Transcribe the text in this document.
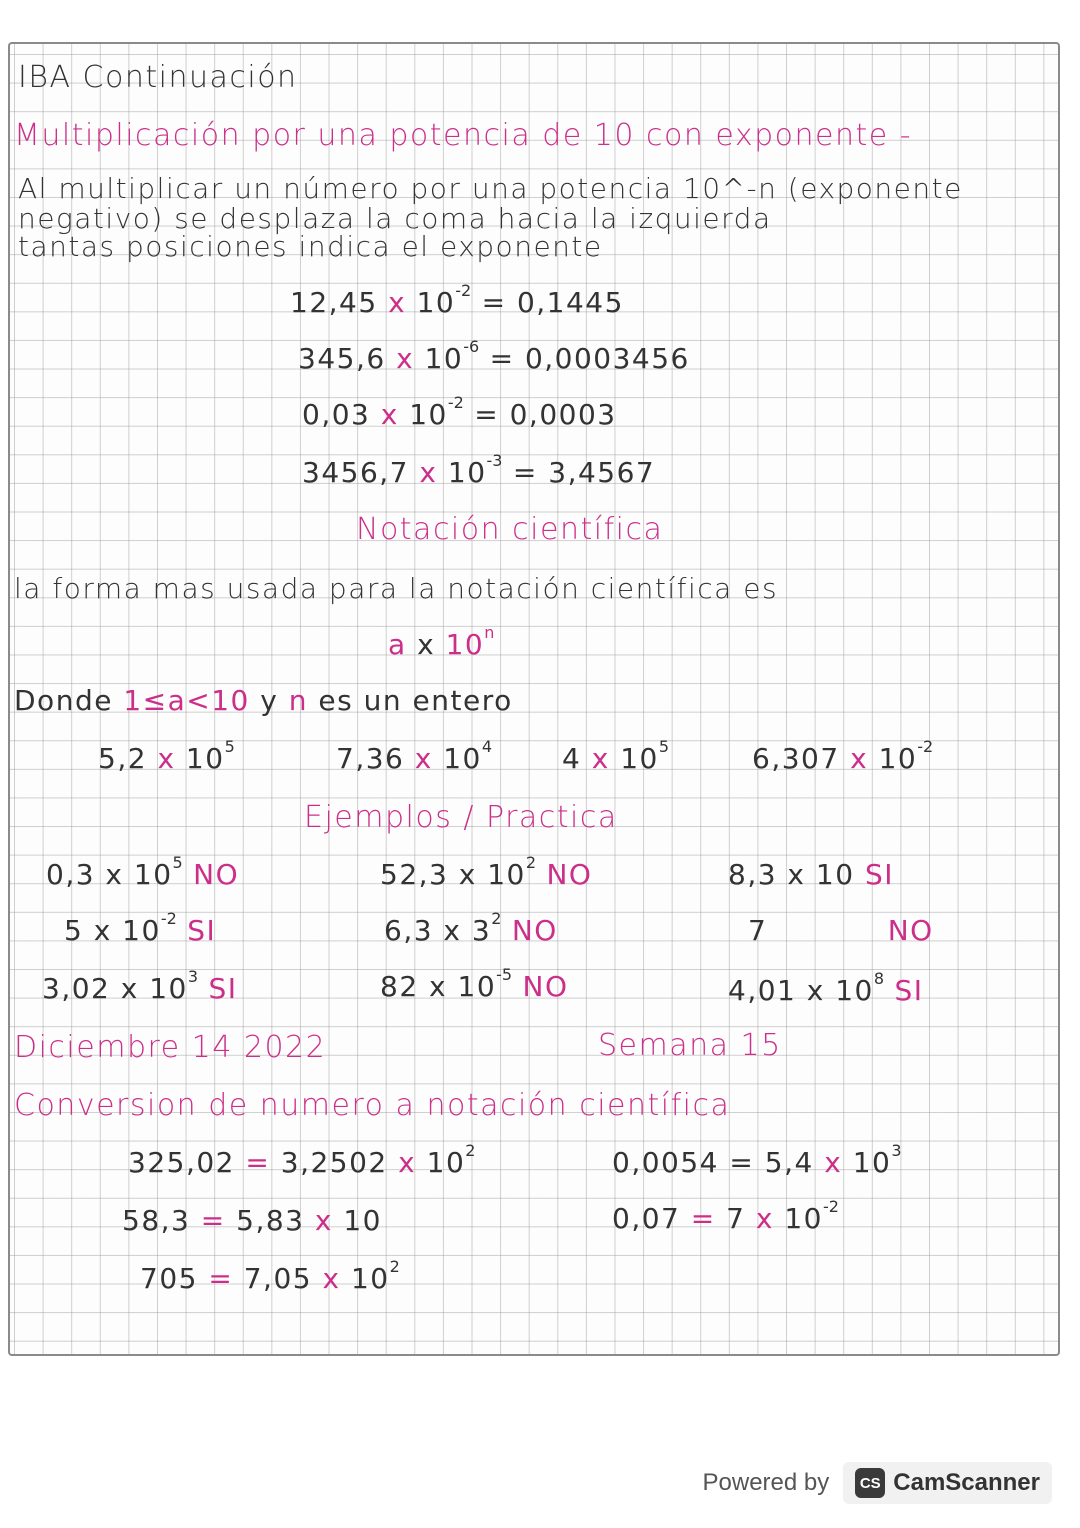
IBA Continuación
Multiplicación por una potencia de 10 con exponente -
Al multiplicar un número por una potencia 10^-n (exponente
negativo) se desplaza la coma hacia la izquierda
tantas posiciones indica el exponente
12,45 x $10^{-2} = 0,1445$
345,6 x $10^{-6} = 0,0003456$
0,03 x $10^{-2} = 0,0003$
3456,7 x $10^{-3} = 3,4567$
Notación científica
la forma mas usada para la notación científica es
a x 10$^n$
Donde 1≤a<10 y n es un entero
5,2 x $10^5$	7,36 x $10^4$ 4 x $10^5$	6,307 x $10^{-2}$
Ejemplos / Practica
0,3 x $10^5$ NO	52,3 x $10^2$ NO	8,3 x 10 SI
5 x $10^{-2}$ SI	6,3 x $3^2$ NO	7	NO
3,02 x $10^3$ SI	82 x $10^{-5}$ NO	4,01 x $10^8$ SI
Diciembre 14 2022	Semana 15
Conversion de numero a notación científica
325,02 = 3,2502 x $10^2$	0,0054 = 5,4 x $10^3$
58,3 = 5,83 x 10	0,07 = 7 x $10^{-2}$
705 = 7,05 x $10^2$
Powered by	CS CamScanner
